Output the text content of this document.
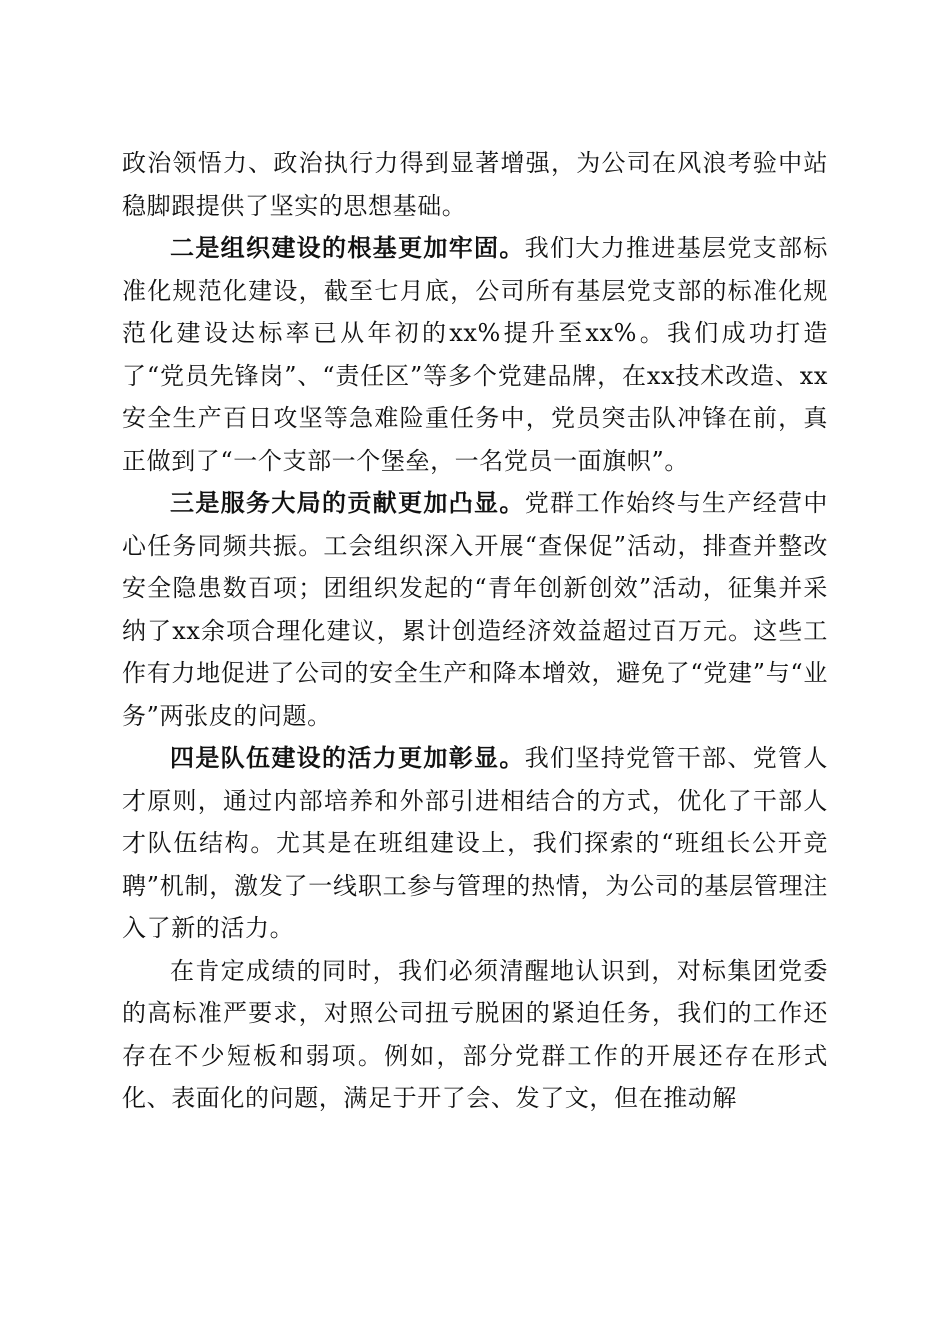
政治领悟力、政治执行力得到显著增强，为公司在风浪考验中站稳脚跟提供了坚实的思想基础。

二是组织建设的根基更加牢固。我们大力推进基层党支部标准化规范化建设，截至七月底，公司所有基层党支部的标准化规范化建设达标率已从年初的xx%提升至xx%。我们成功打造了“党员先锋岗”、“责任区”等多个党建品牌，在xx技术改造、xx安全生产百日攻坚等急难险重任务中，党员突击队冲锋在前，真正做到了“一个支部一个堡垒，一名党员一面旗帜”。

三是服务大局的贡献更加凸显。党群工作始终与生产经营中心任务同频共振。工会组织深入开展“查保促”活动，排查并整改安全隐患数百项；团组织发起的“青年创新创效”活动，征集并采纳了xx余项合理化建议，累计创造经济效益超过百万元。这些工作有力地促进了公司的安全生产和降本增效，避免了“党建”与“业务”两张皮的问题。

四是队伍建设的活力更加彰显。我们坚持党管干部、党管人才原则，通过内部培养和外部引进相结合的方式，优化了干部人才队伍结构。尤其是在班组建设上，我们探索的“班组长公开竞聘”机制，激发了一线职工参与管理的热情，为公司的基层管理注入了新的活力。

在肯定成绩的同时，我们必须清醒地认识到，对标集团党委的高标准严要求，对照公司扭亏脱困的紧迫任务，我们的工作还存在不少短板和弱项。例如，部分党群工作的开展还存在形式化、表面化的问题，满足于开了会、发了文，但在推动解
